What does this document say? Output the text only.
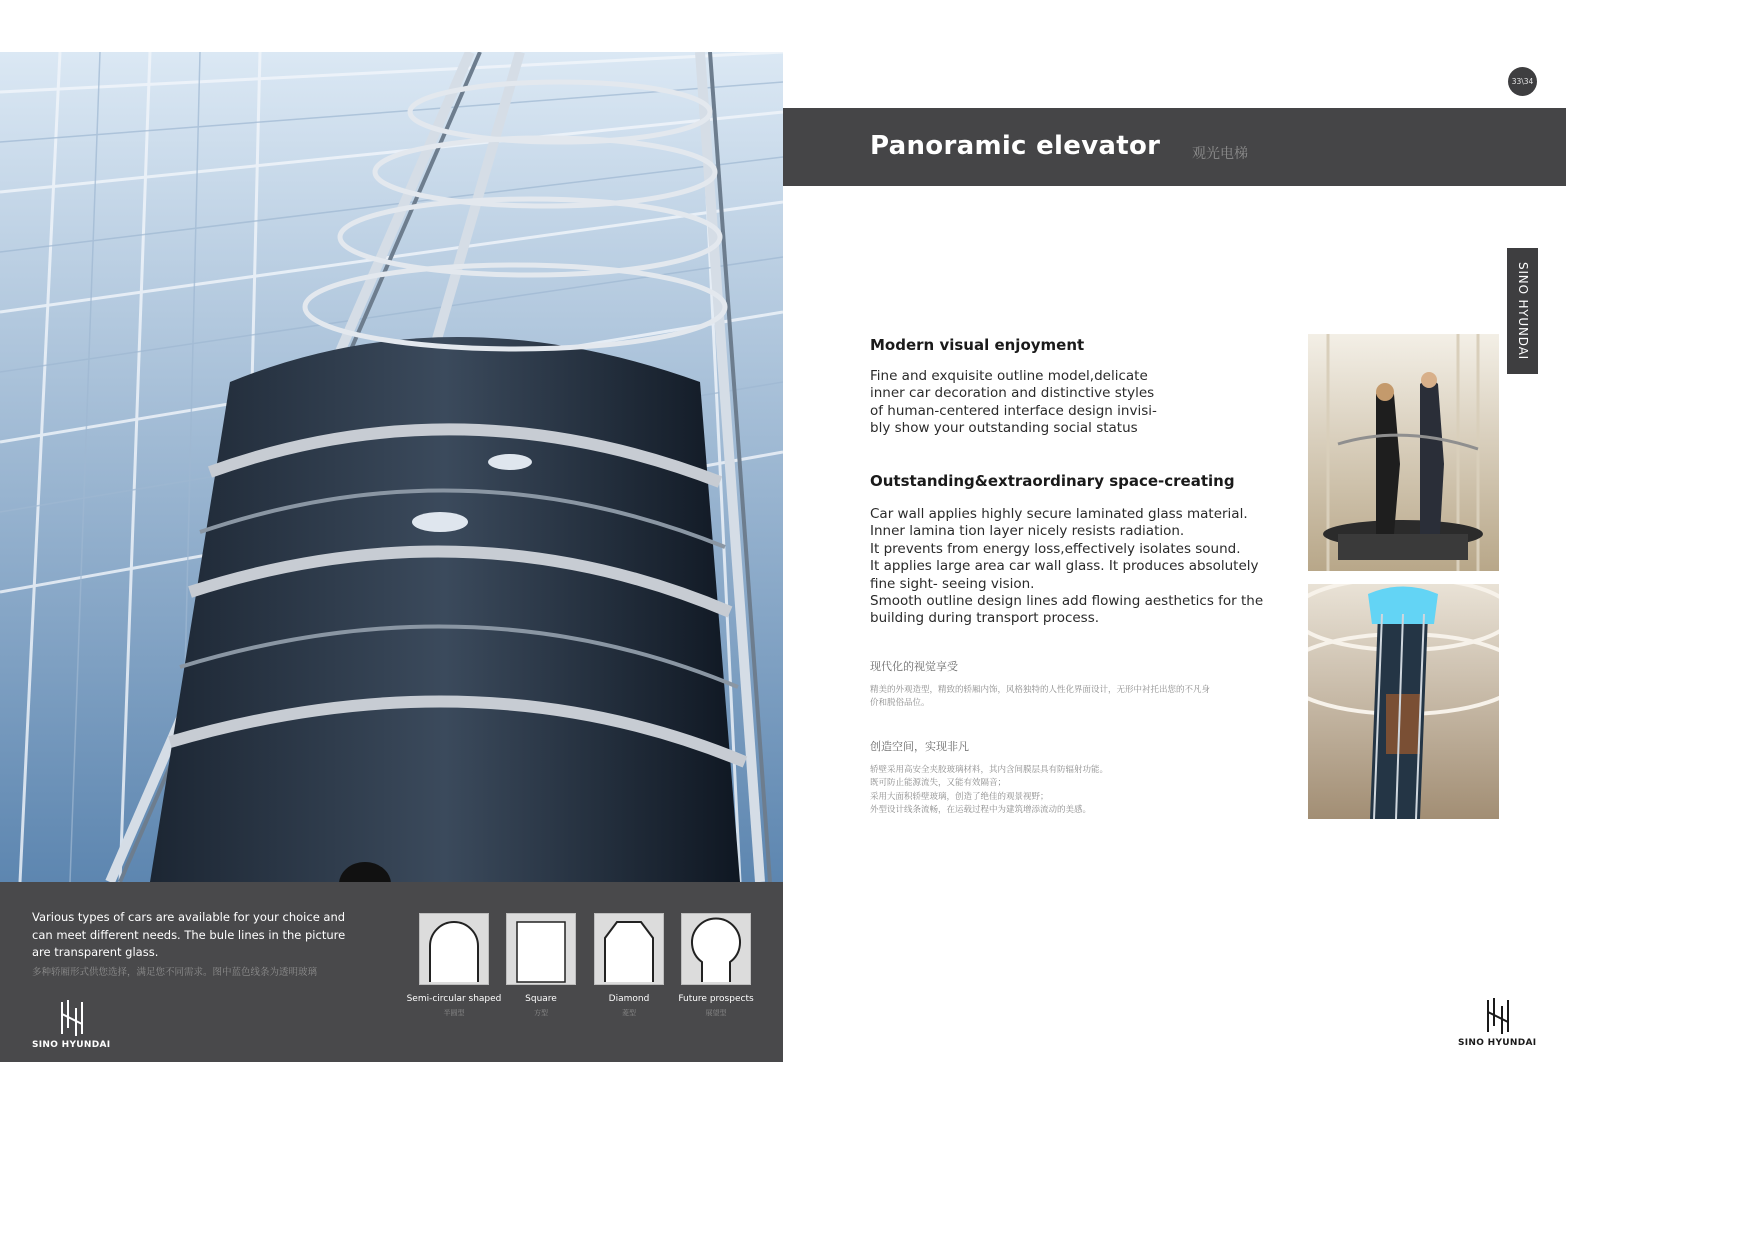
Various types of cars are available for your choice and
can meet different needs. The bule lines in the picture
are transparent glass.
多种轿厢形式供您选择，满足您不同需求。图中蓝色线条为透明玻璃
Semi-circular shaped	Square	Diamond	Future prospects
半圆型	方型	菱型	展望型
SINO HYUNDAI
33\34
Panoramic elevator 观光电梯
SINO HYUNDAI
Modern visual enjoyment
Fine and exquisite outline model,delicate
inner car decoration and distinctive styles
of human-centered interface design invisi-
bly show your outstanding social status
Outstanding&extraordinary space-creating
Car wall applies highly secure laminated glass material.
Inner lamina tion layer nicely resists radiation.
It prevents from energy loss,effectively isolates sound.
It applies large area car wall glass. It produces absolutely
fine sight- seeing vision.
Smooth outline design lines add flowing aesthetics for the
building during transport process.
现代化的视觉享受
精美的外观造型，精致的轿厢内饰，风格独特的人性化界面设计，无形中衬托出您的不凡身
价和脱俗品位。
创造空间，实现非凡
轿壁采用高安全夹胶玻璃材料，其内含间膜层具有防辐射功能。
既可防止能源流失，又能有效隔音；
采用大面积轿壁玻璃，创造了绝佳的观景视野；
外型设计线条流畅，在运载过程中为建筑增添流动的美感。
SINO HYUNDAI
